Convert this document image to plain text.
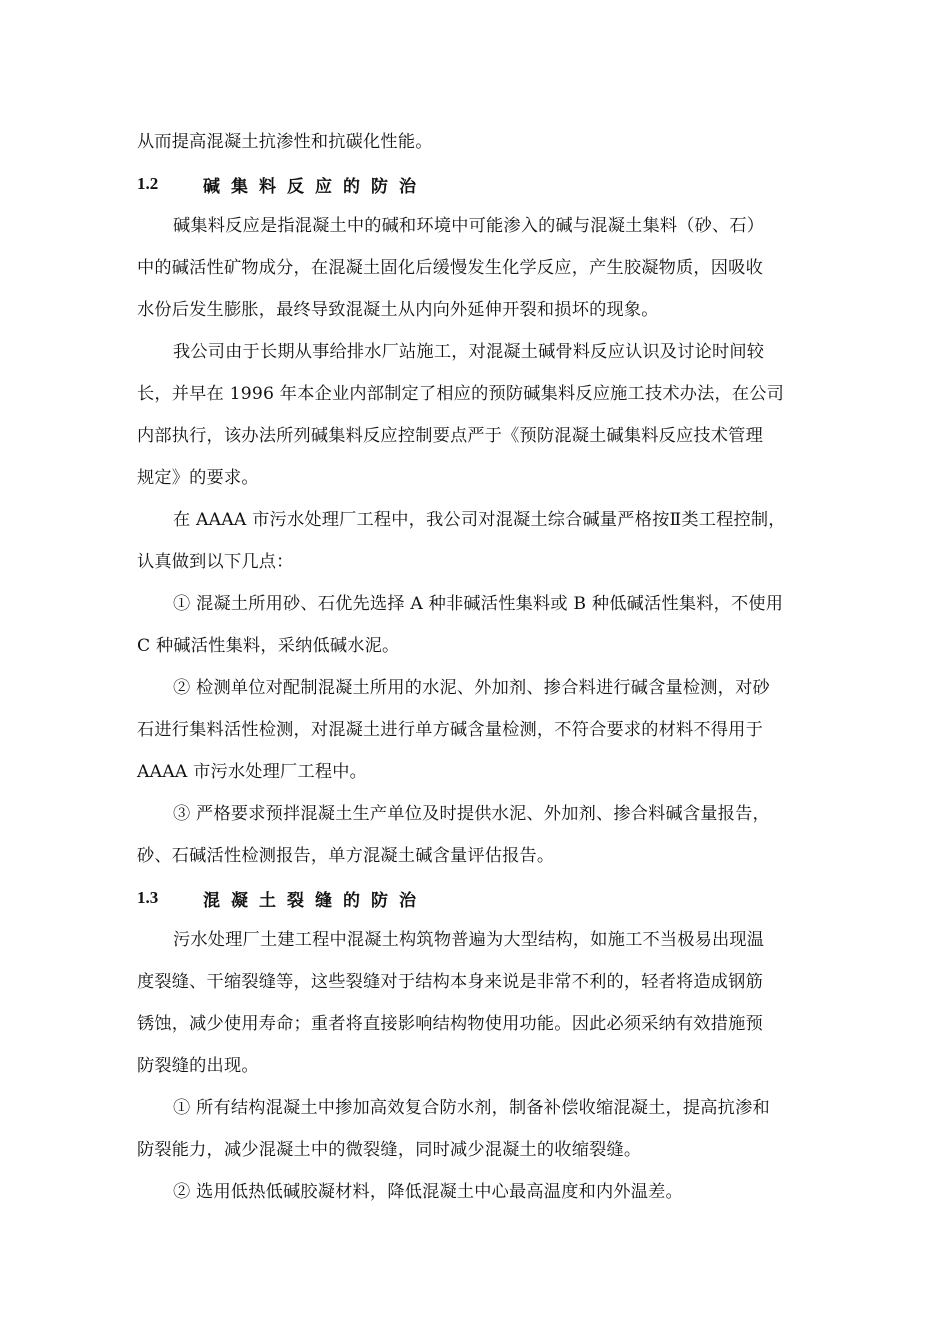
从而提高混凝土抗渗性和抗碳化性能。
1.2	碱集料反应的防治
碱集料反应是指混凝土中的碱和环境中可能渗入的碱与混凝土集料（砂、石）
中的碱活性矿物成分，在混凝土固化后缓慢发生化学反应，产生胶凝物质，因吸收
水份后发生膨胀，最终导致混凝土从内向外延伸开裂和损坏的现象。
我公司由于长期从事给排水厂站施工，对混凝土碱骨料反应认识及讨论时间较
长，并早在 1996 年本企业内部制定了相应的预防碱集料反应施工技术办法，在公司
内部执行，该办法所列碱集料反应控制要点严于《预防混凝土碱集料反应技术管理
规定》的要求。
在 AAAA 市污水处理厂工程中，我公司对混凝土综合碱量严格按Ⅱ类工程控制，
认真做到以下几点：
① 混凝土所用砂、石优先选择 A 种非碱活性集料或 B 种低碱活性集料，不使用
C 种碱活性集料，采纳低碱水泥。
② 检测单位对配制混凝土所用的水泥、外加剂、掺合料进行碱含量检测，对砂
石进行集料活性检测，对混凝土进行单方碱含量检测，不符合要求的材料不得用于
AAAA 市污水处理厂工程中。
③ 严格要求预拌混凝土生产单位及时提供水泥、外加剂、掺合料碱含量报告，
砂、石碱活性检测报告，单方混凝土碱含量评估报告。
1.3	混凝土裂缝的防治
污水处理厂土建工程中混凝土构筑物普遍为大型结构，如施工不当极易出现温
度裂缝、干缩裂缝等，这些裂缝对于结构本身来说是非常不利的，轻者将造成钢筋
锈蚀，减少使用寿命；重者将直接影响结构物使用功能。因此必须采纳有效措施预
防裂缝的出现。
① 所有结构混凝土中掺加高效复合防水剂，制备补偿收缩混凝土，提高抗渗和
防裂能力，减少混凝土中的微裂缝，同时减少混凝土的收缩裂缝。
② 选用低热低碱胶凝材料，降低混凝土中心最高温度和内外温差。
